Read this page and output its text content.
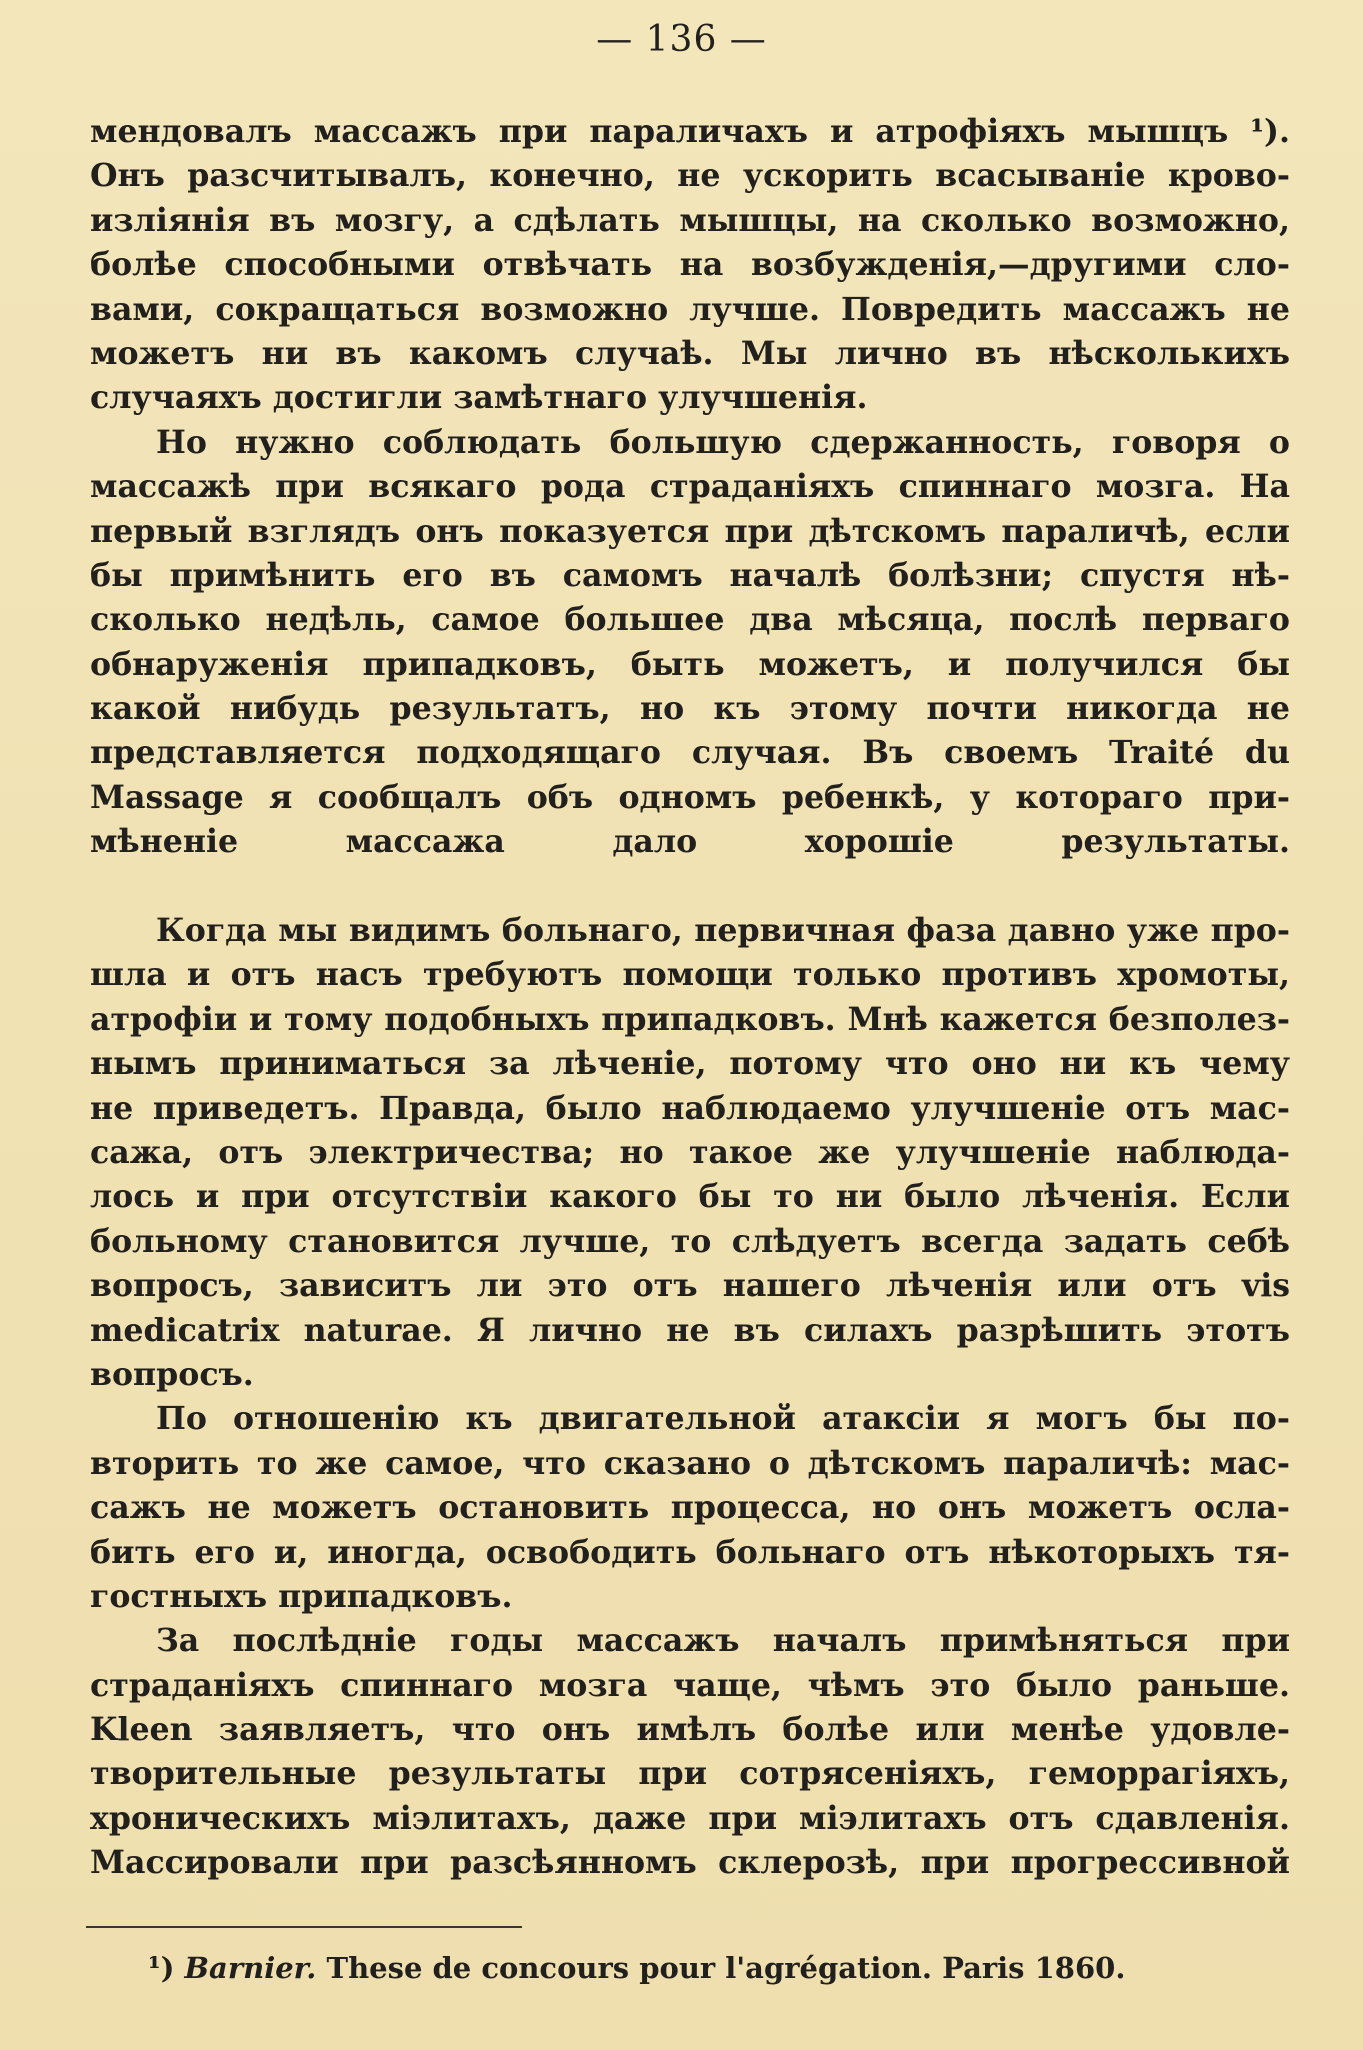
— 136 —
мендовалъ массажъ при параличахъ и атрофіяхъ мышцъ ¹).
Онъ разсчитывалъ, конечно, не ускорить всасываніе крово-
изліянія въ мозгу, а сдѣлать мышцы, на сколько возможно,
болѣе способными отвѣчать на возбужденія,—другими сло-
вами, сокращаться возможно лучше. Повредить массажъ не
можетъ ни въ какомъ случаѣ. Мы лично въ нѣсколькихъ
случаяхъ достигли замѣтнаго улучшенія.
Но нужно соблюдать большую сдержанность, говоря о
массажѣ при всякаго рода страданіяхъ спиннаго мозга. На
первый взглядъ онъ показуется при дѣтскомъ параличѣ, если
бы примѣнить его въ самомъ началѣ болѣзни; спустя нѣ-
сколько недѣль, самое большее два мѣсяца, послѣ перваго
обнаруженія припадковъ, быть можетъ, и получился бы
какой нибудь результатъ, но къ этому почти никогда не
представляется подходящаго случая. Въ своемъ Traité du
Massage я сообщалъ объ одномъ ребенкѣ, у котораго при-
мѣненіе массажа дало хорошіе результаты.
Когда мы видимъ больнаго, первичная фаза давно уже про-
шла и отъ насъ требуютъ помощи только противъ хромоты,
атрофіи и тому подобныхъ припадковъ. Мнѣ кажется безполез-
нымъ приниматься за лѣченіе, потому что оно ни къ чему
не приведетъ. Правда, было наблюдаемо улучшеніе отъ мас-
сажа, отъ электричества; но такое же улучшеніе наблюда-
лось и при отсутствіи какого бы то ни было лѣченія. Если
больному становится лучше, то слѣдуетъ всегда задать себѣ
вопросъ, зависитъ ли это отъ нашего лѣченія или отъ vis
medicatrix naturae. Я лично не въ силахъ разрѣшить этотъ
вопросъ.
По отношенію къ двигательной атаксіи я могъ бы по-
вторить то же самое, что сказано о дѣтскомъ параличѣ: мас-
сажъ не можетъ остановить процесса, но онъ можетъ осла-
бить его и, иногда, освободить больнаго отъ нѣкоторыхъ тя-
гостныхъ припадковъ.
За послѣдніе годы массажъ началъ примѣняться при
страданіяхъ спиннаго мозга чаще, чѣмъ это было раньше.
Kleen заявляетъ, что онъ имѣлъ болѣе или менѣе удовле-
творительные результаты при сотрясеніяхъ, геморрагіяхъ,
хроническихъ міэлитахъ, даже при міэлитахъ отъ сдавленія.
Массировали при разсѣянномъ склерозѣ, при прогрессивной
¹) Barnier. These de concours pour l'agrégation. Paris 1860.
